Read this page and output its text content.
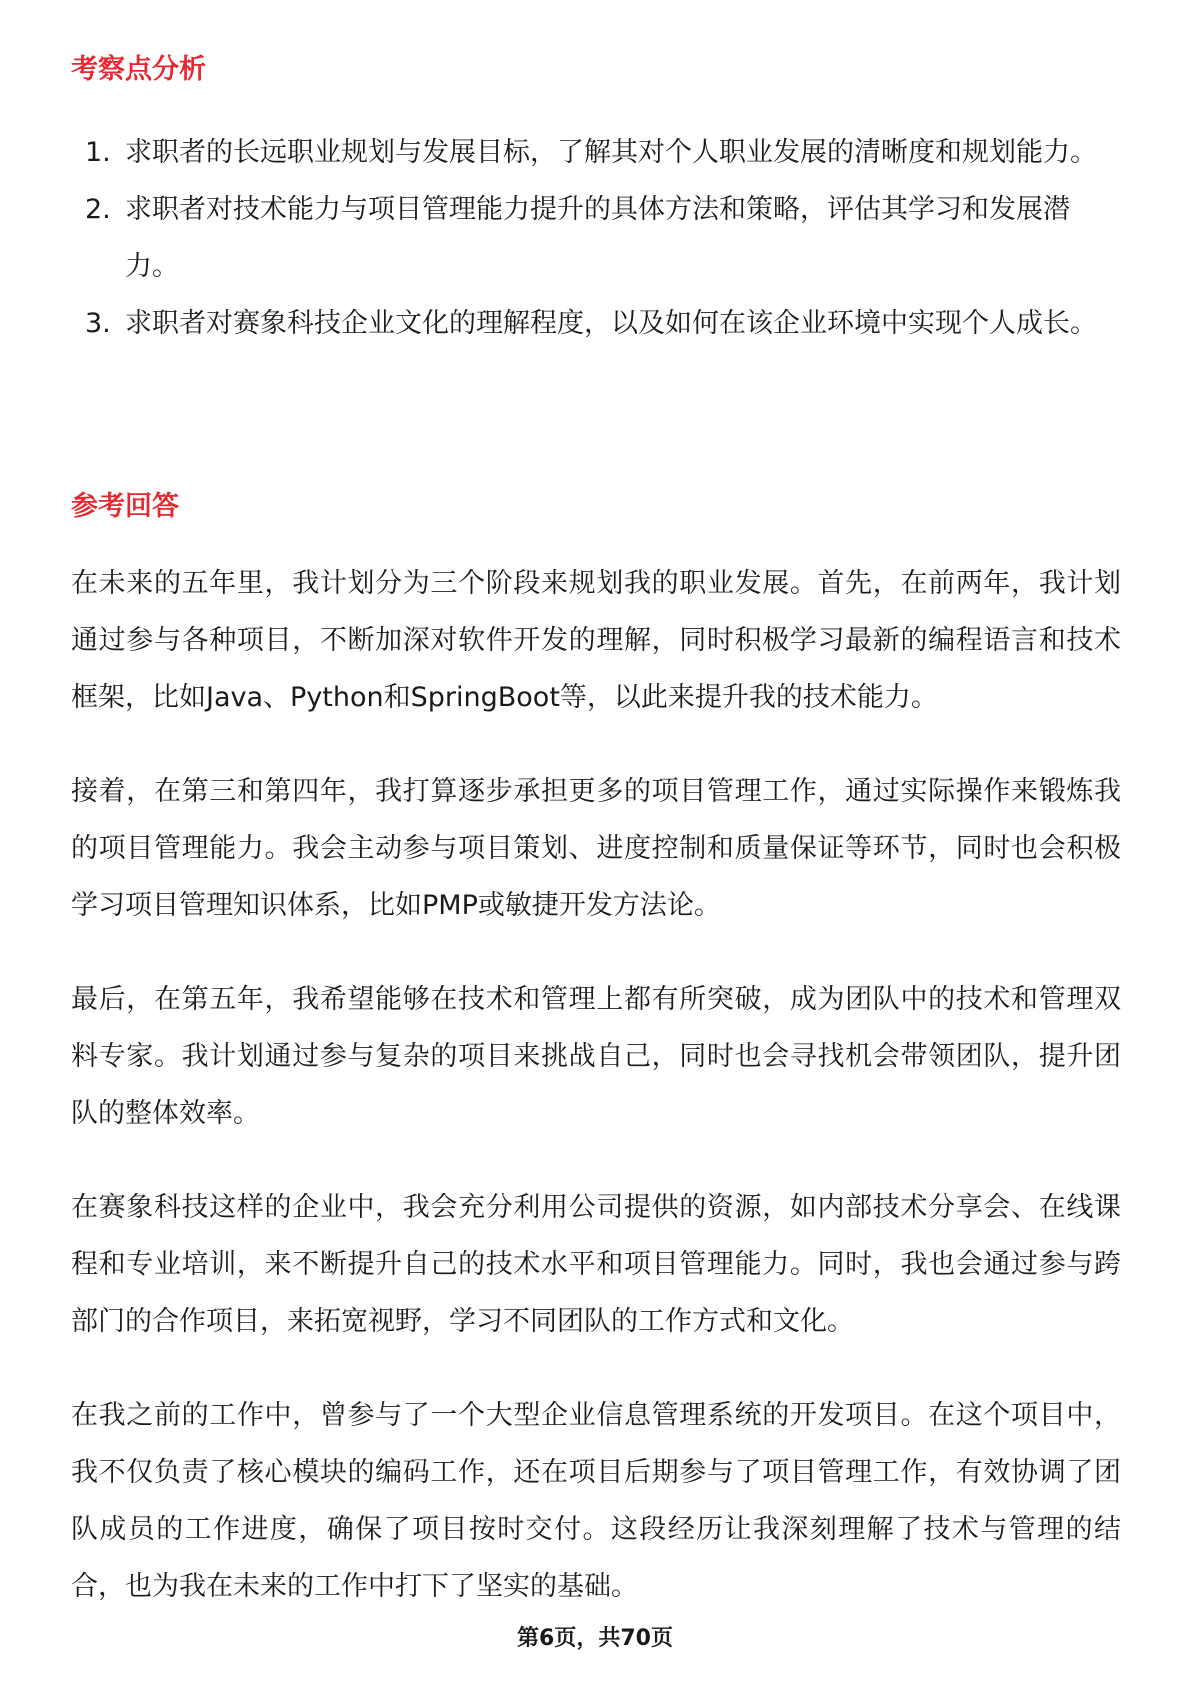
考察点分析
1. 求职者的长远职业规划与发展目标，了解其对个人职业发展的清晰度和规划能力。
2. 求职者对技术能力与项目管理能力提升的具体方法和策略，评估其学习和发展潜力。
3. 求职者对赛象科技企业文化的理解程度，以及如何在该企业环境中实现个人成长。
参考回答

在未来的五年里，我计划分为三个阶段来规划我的职业发展。首先，在前两年，我计划通过参与各种项目，不断加深对软件开发的理解，同时积极学习最新的编程语言和技术框架，比如Java、Python和SpringBoot等，以此来提升我的技术能力。

接着，在第三和第四年，我打算逐步承担更多的项目管理工作，通过实际操作来锻炼我的项目管理能力。我会主动参与项目策划、进度控制和质量保证等环节，同时也会积极学习项目管理知识体系，比如PMP或敏捷开发方法论。

最后，在第五年，我希望能够在技术和管理上都有所突破，成为团队中的技术和管理双料专家。我计划通过参与复杂的项目来挑战自己，同时也会寻找机会带领团队，提升团队的整体效率。

在赛象科技这样的企业中，我会充分利用公司提供的资源，如内部技术分享会、在线课程和专业培训，来不断提升自己的技术水平和项目管理能力。同时，我也会通过参与跨部门的合作项目，来拓宽视野，学习不同团队的工作方式和文化。

在我之前的工作中，曾参与了一个大型企业信息管理系统的开发项目。在这个项目中，我不仅负责了核心模块的编码工作，还在项目后期参与了项目管理工作，有效协调了团队成员的工作进度，确保了项目按时交付。这段经历让我深刻理解了技术与管理的结合，也为我在未来的工作中打下了坚实的基础。

第6页，共70页
